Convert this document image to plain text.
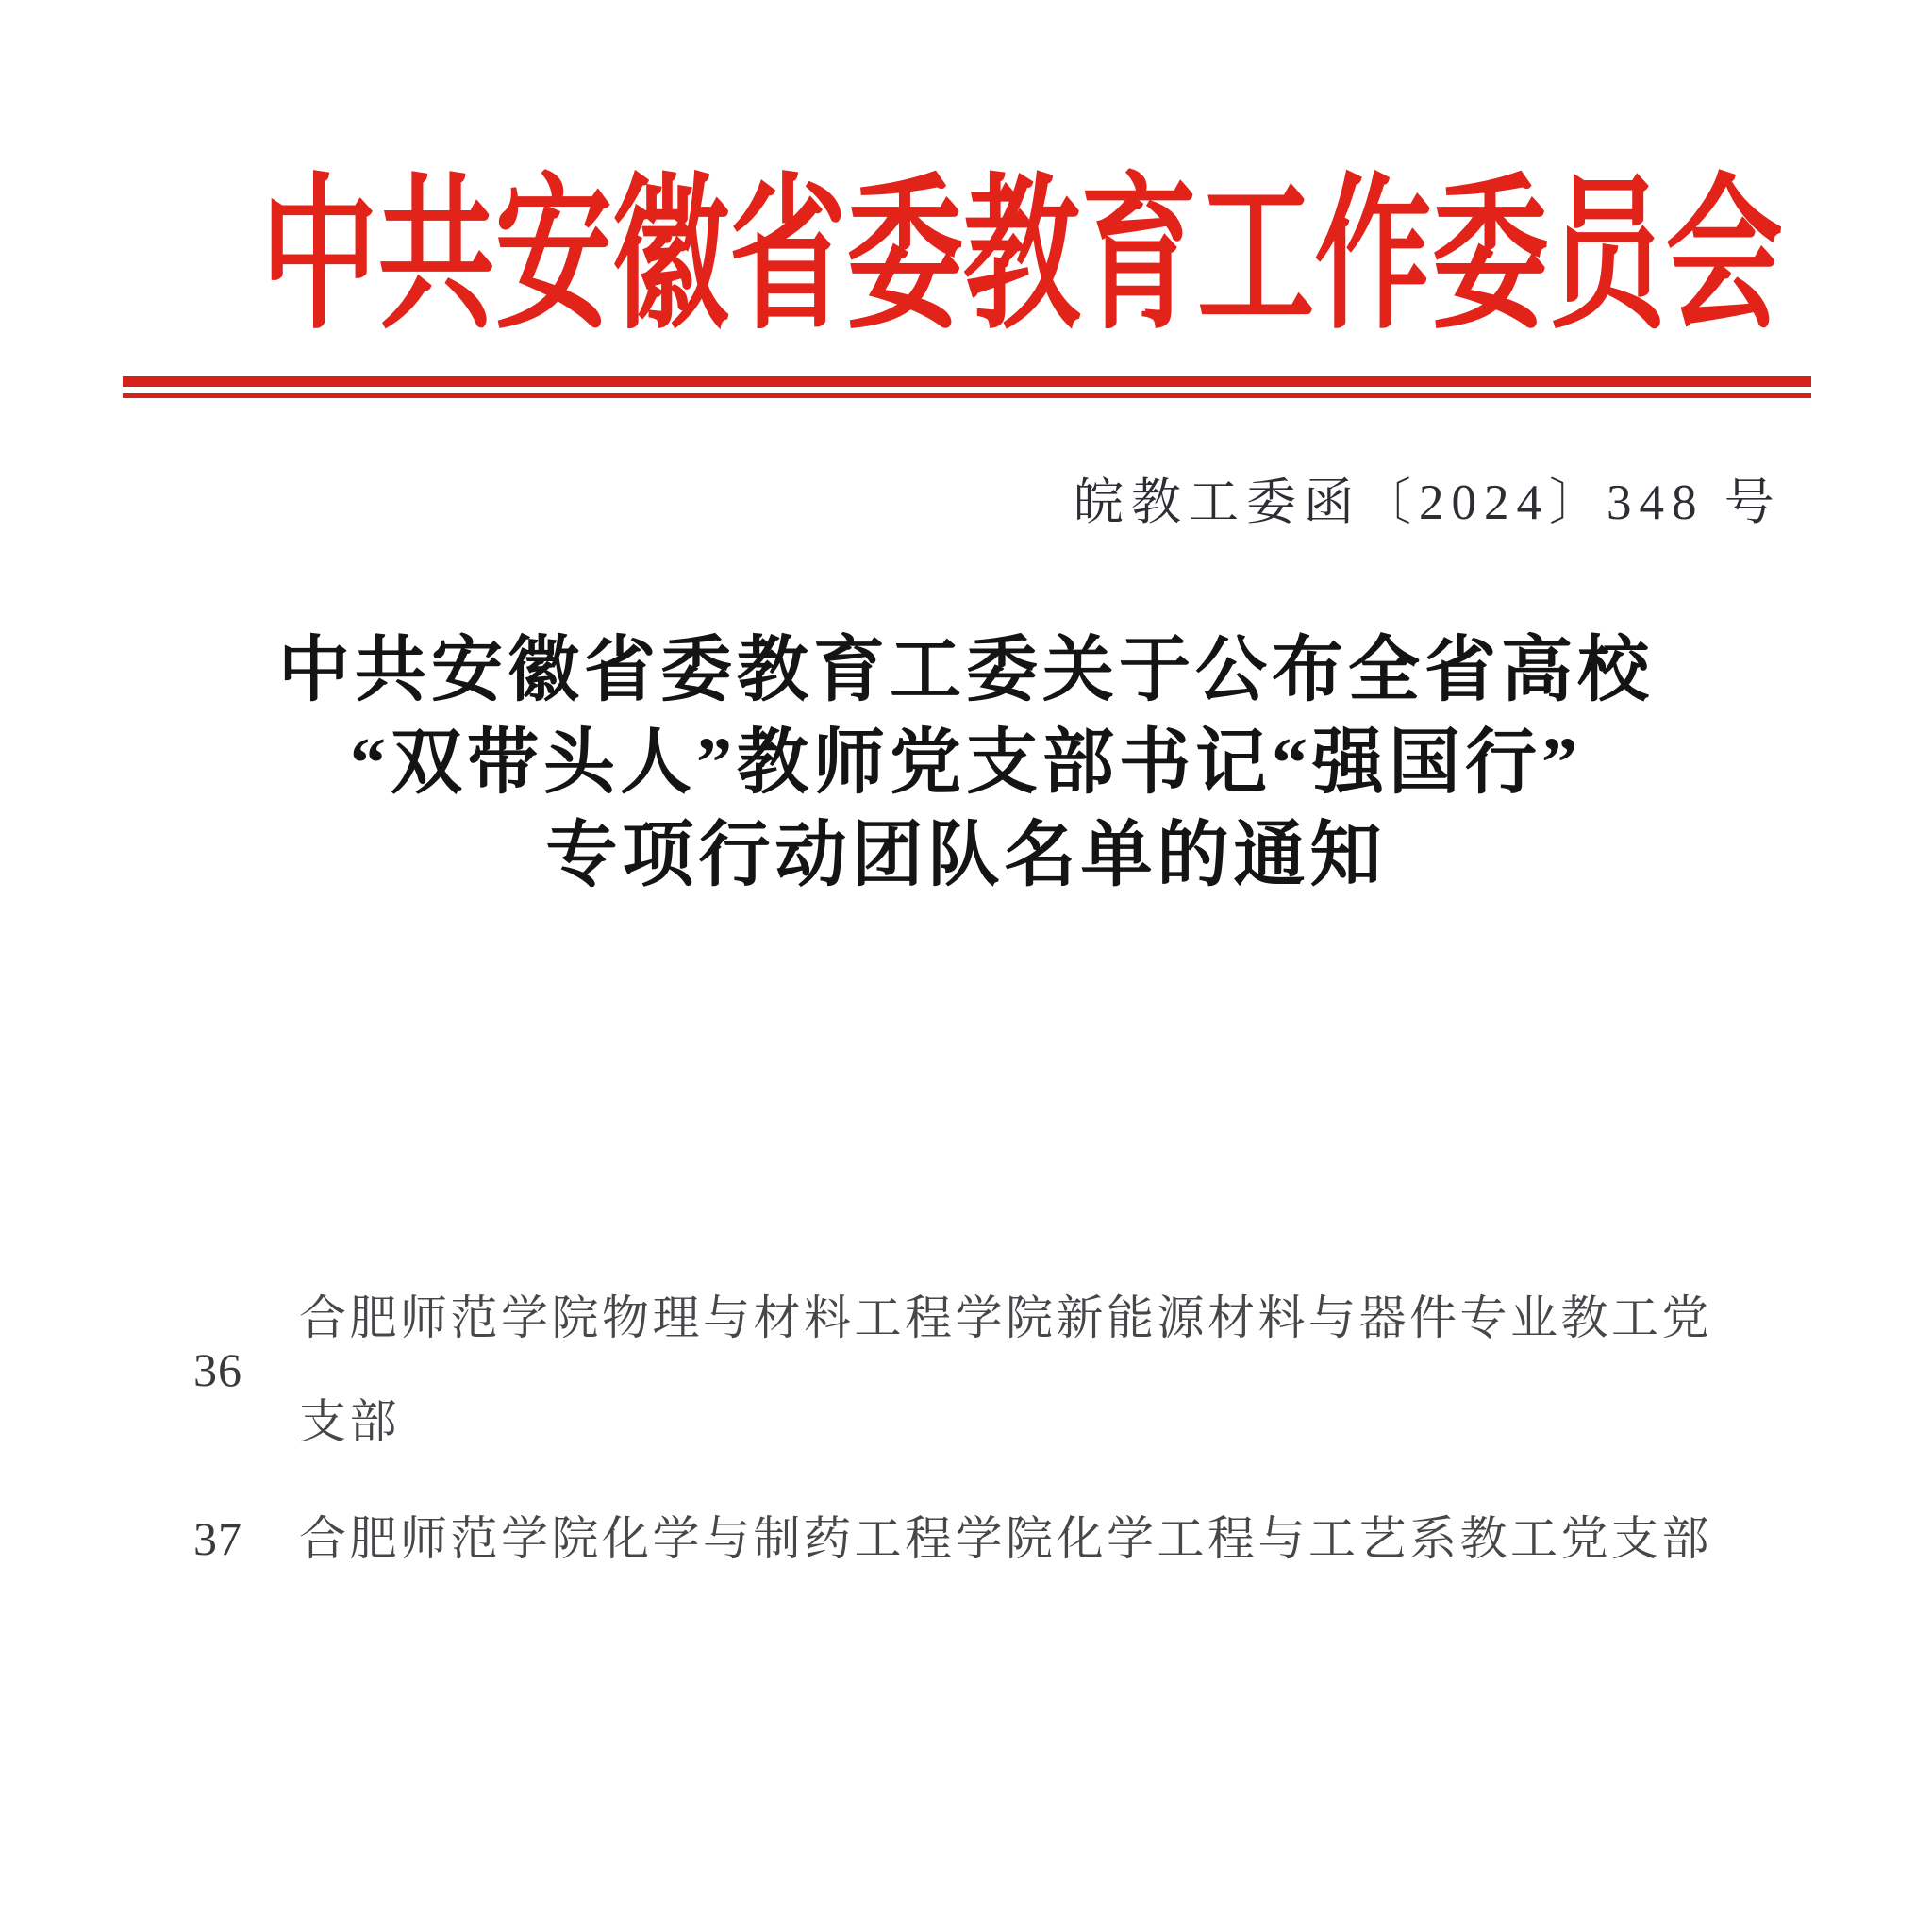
中共安徽省委教育工作委员会
皖教工委函〔2024〕348 号
中共安徽省委教育工委关于公布全省高校
“双带头人”教师党支部书记“强国行”
专项行动团队名单的通知
36
合肥师范学院物理与材料工程学院新能源材料与器件专业教工党
支部
37	合肥师范学院化学与制药工程学院化学工程与工艺系教工党支部
